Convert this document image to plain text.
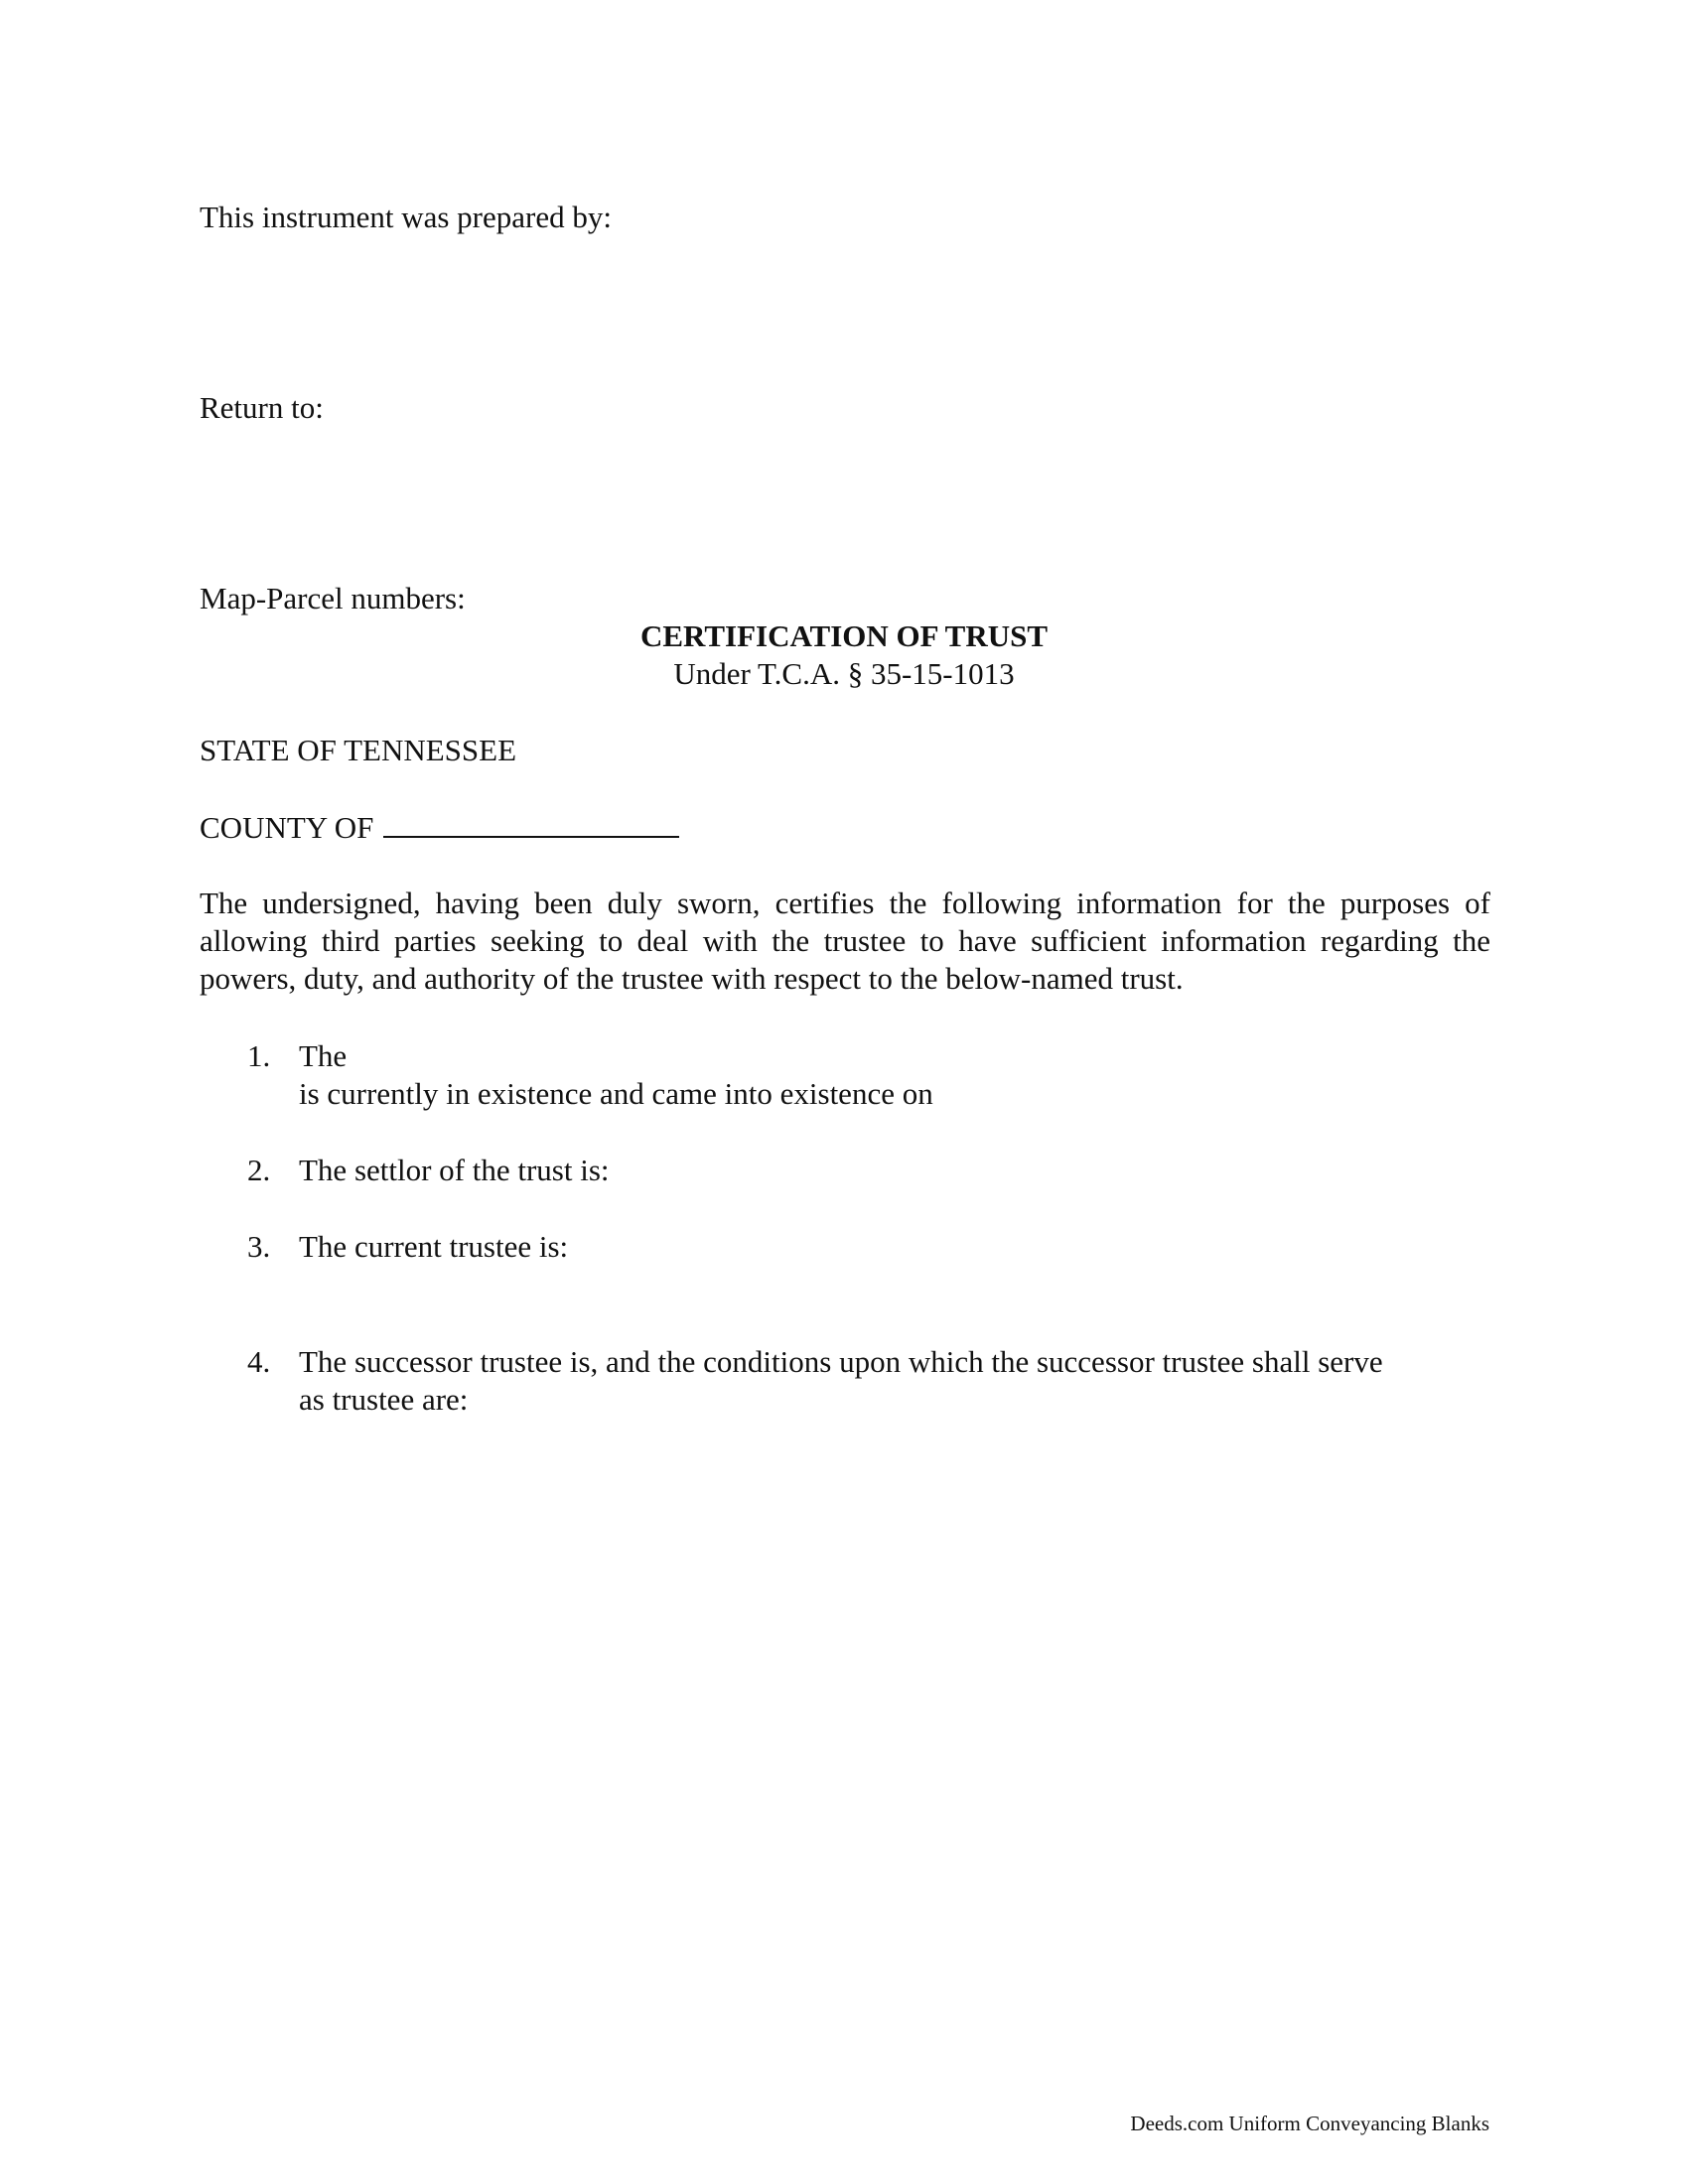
This instrument was prepared by:
Return to:
Map-Parcel numbers:
CERTIFICATION OF TRUST
Under T.C.A. § 35-15-1013
STATE OF TENNESSEE
COUNTY OF
The undersigned, having been duly sworn, certifies the following information for the purposes of
allowing third parties seeking to deal with the trustee to have sufficient information regarding the
powers, duty, and authority of the trustee with respect to the below-named trust.
1. The
is currently in existence and came into existence on
2. The settlor of the trust is:
3. The current trustee is:
4. The successor trustee is, and the conditions upon which the successor trustee shall serve
as trustee are:
Deeds.com Uniform Conveyancing Blanks
